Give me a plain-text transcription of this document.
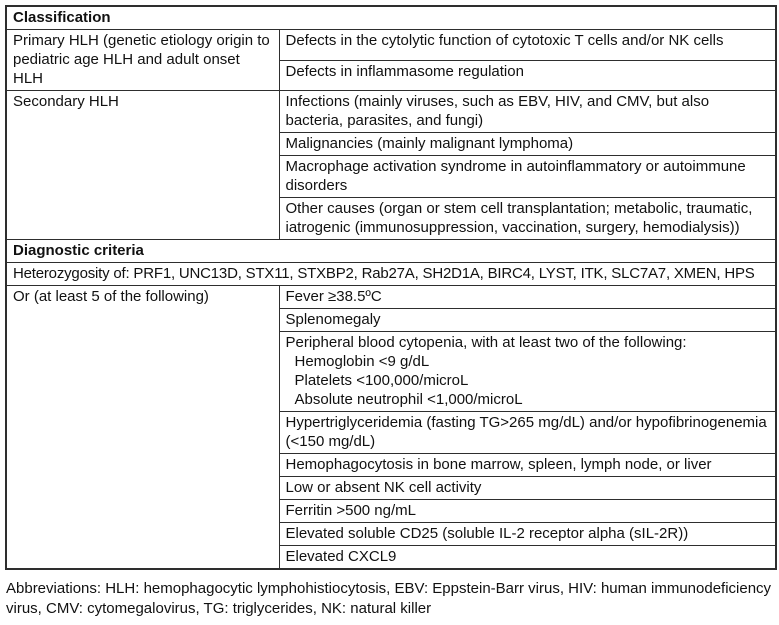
Classification	
Primary HLH (genetic etiology origin to pediatric age HLH and adult onset HLH	Defects in the cytolytic function of cytotoxic T cells and/or NK cells
	Defects in inflammasome regulation
Secondary HLH	Infections (mainly viruses, such as EBV, HIV, and CMV, but also bacteria, parasites, and fungi)
	Malignancies (mainly malignant lymphoma)
	Macrophage activation syndrome in autoinflammatory or autoimmune disorders
	Other causes (organ or stem cell transplantation; metabolic, traumatic, iatrogenic (immunosuppression, vaccination, surgery, hemodialysis))
Diagnostic criteria	
Heterozygosity of: PRF1, UNC13D, STX11, STXBP2, Rab27A, SH2D1A, BIRC4, LYST, ITK, SLC7A7, XMEN, HPS	
Or (at least 5 of the following)	Fever ≥38.5ºC
	Splenomegaly

	Peripheral blood cytopenia, with at least two of the following:
Hemoglobin <9 g/dL
Platelets <100,000/microL
Absolute neutrophil <1,000/microL

	Hypertriglyceridemia (fasting TG>265 mg/dL) and/or hypofibrinogenemia (<150 mg/dL)
	Hemophagocytosis in bone marrow, spleen, lymph node, or liver
	Low or absent NK cell activity
	Ferritin >500 ng/mL
	Elevated soluble CD25 (soluble IL-2 receptor alpha (sIL-2R))
	Elevated CXCL9

Abbreviations: HLH: hemophagocytic lymphohistiocytosis, EBV: Eppstein-Barr virus, HIV: human immunodeficiency virus, CMV: cytomegalovirus, TG: triglycerides, NK: natural killer
